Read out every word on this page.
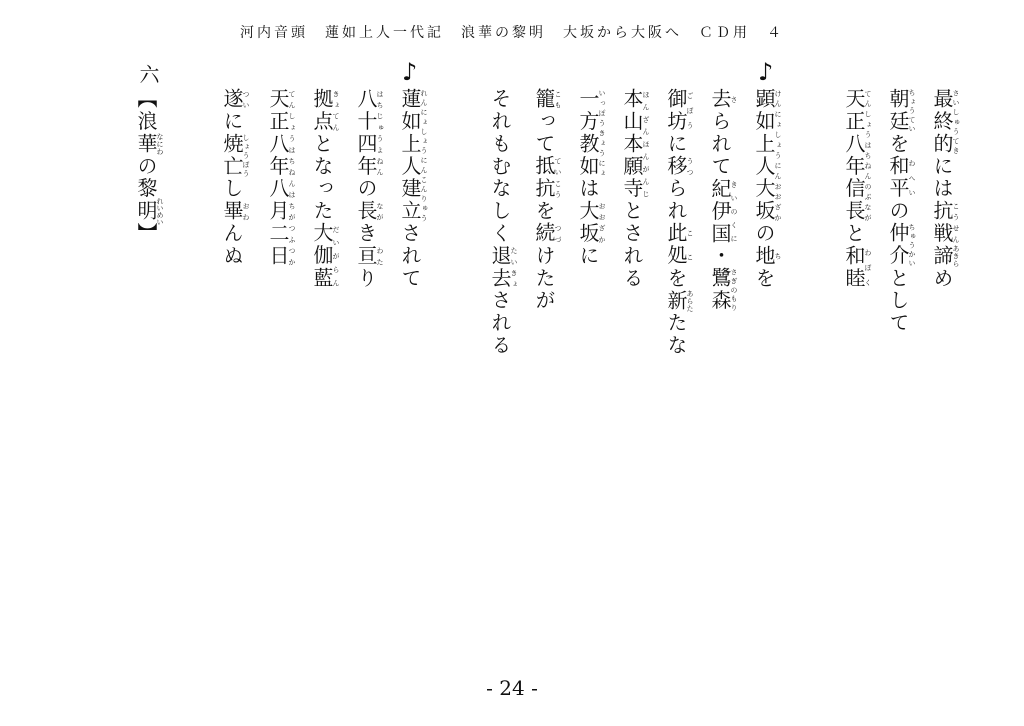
河内音頭　蓮如上人一代記　浪華の黎明　大坂から大阪へ　ＣＤ用　４
最終的さいしゅうてきには抗戦こうせん諦あきらめ
朝廷ちょうていを和平わへいの仲介ちゅうかいとして
天正八年信長てんしょうはちねんのぶながと和睦わぼく
♪
顕如上人大坂けんにょしょうにんおおざかの地ちを
去さられて紀伊国きいのくに・鷺森さぎのもり
御坊ごぼうに移うつられ此処ここを新あらたたな
本山本願寺ほんざんほんがんじとされる
一方教如いっぽうきょうにょは大坂おおざかに
籠こもって抵抗ていこうを続つづけたが
それもむなしく退去たいきょされる
♪
蓮如上人建立れんにょしょうにんこんりゅうされて
八十四年はちじゅうよねんの長ながき亘わたり
拠点きょてんとなった大伽藍だいがらん
天正八年八月二日てんしょうはちねんはちがつふつか
遂ついに焼亡しょうぼうし畢おわんぬ
六
【浪華なにわの黎明れいめい】
- 24 -
